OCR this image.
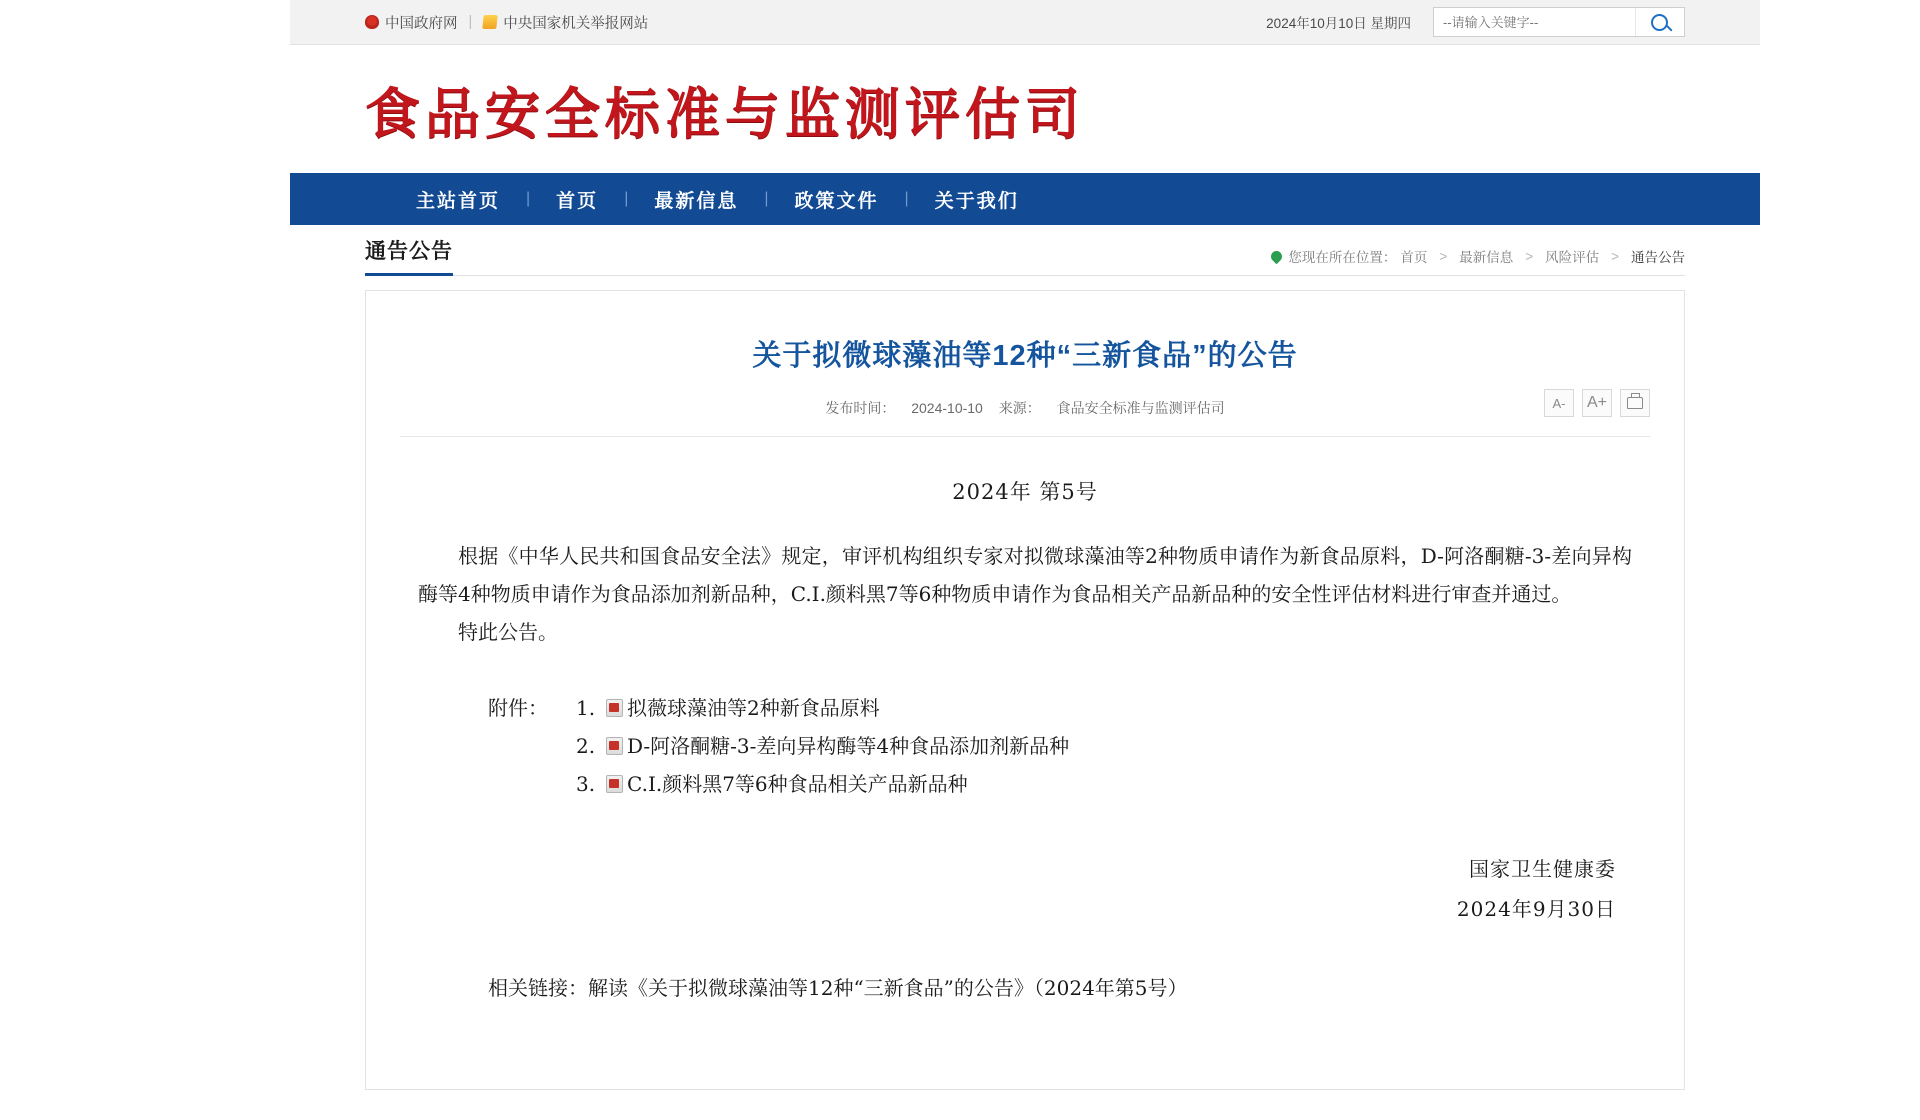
中国政府网 | 中央国家机关举报网站	2024年10月10日 星期四
--请输入关键字--
食品安全标准与监测评估司
主站首页	|	首页	|	最新信息	|	政策文件	|	关于我们
通告公告	您现在所在位置： 首页 > 最新信息 > 风险评估 > 通告公告
关于拟微球藻油等12种“三新食品”的公告
发布时间： 2024-10-10 来源： 食品安全标准与监测评估司	A-	A+
2024年 第5号
根据《中华人民共和国食品安全法》规定，审评机构组织专家对拟微球藻油等2种物质申请作为新食品原料，D-阿洛酮糖-3-差向异构酶等4种物质申请作为食品添加剂新品种，C.I.颜料黑7等6种物质申请作为食品相关产品新品种的安全性评估材料进行审查并通过。
特此公告。
附件：	1.	拟薇球藻油等2种新食品原料
2.	D-阿洛酮糖-3-差向异构酶等4种食品添加剂新品种
3.	C.I.颜料黑7等6种食品相关产品新品种
国家卫生健康委
2024年9月30日
相关链接：解读《关于拟微球藻油等12种“三新食品”的公告》（2024年第5号）
